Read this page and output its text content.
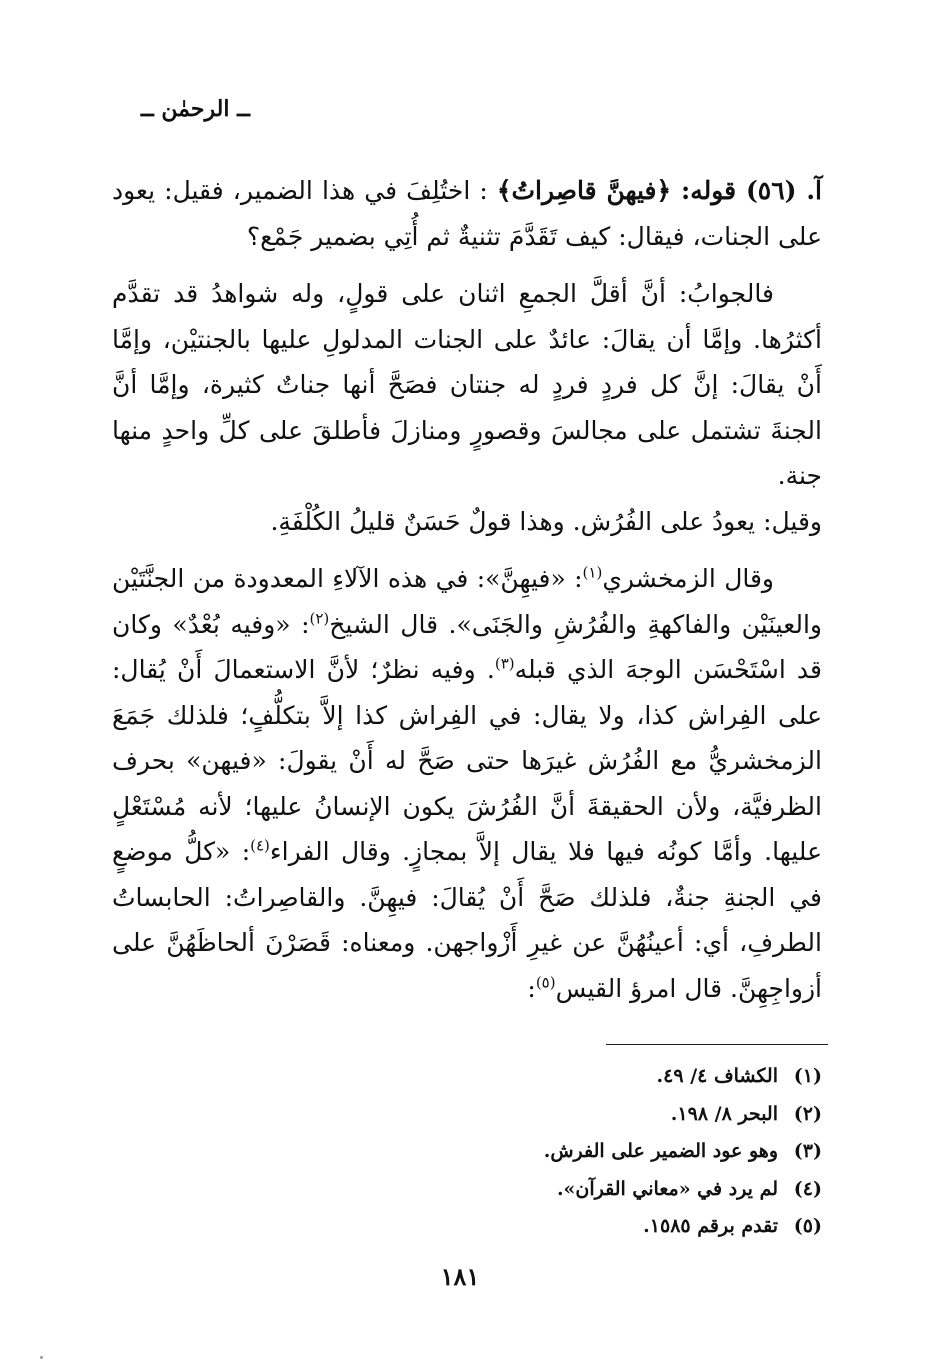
ــ الرحمٰن ــ

آ. (٥٦) قوله: ﴿فيهنَّ قاصِراتُ﴾ : اختُلِفَ في هذا الضمير، فقيل: يعود على الجنات، فيقال: كيف تَقَدَّمَ تثنيةٌ ثم أُتِي بضمير جَمْع؟

فالجوابُ: أنَّ أقلَّ الجمعِ اثنان على قولٍ، وله شواهدُ قد تقدَّم أكثرُها. وإمَّا أن يقالَ: عائدٌ على الجنات المدلولِ عليها بالجنتيْن، وإمَّا أَنْ يقالَ: إنَّ كل فردٍ فردٍ له جنتان فصَحَّ أنها جناتٌ كثيرة، وإمَّا أنَّ الجنةَ تشتمل على مجالسَ وقصورٍ ومنازلَ فأطلقَ على كلِّ واحدٍ منها جنة.

وقيل: يعودُ على الفُرُش. وهذا قولٌ حَسَنٌ قليلُ الكُلْفَةِ.

وقال الزمخشري$^{(١)}$: «فيهِنَّ»: في هذه الآلاءِ المعدودة من الجنَّتَيْن والعينَيْن والفاكهةِ والفُرُشِ والجَنَى». قال الشيخ$^{(٢)}$: «وفيه بُعْدٌ» وكان قد اسْتَحْسَن الوجهَ الذي قبله$^{(٣)}$. وفيه نظرٌ؛ لأنَّ الاستعمالَ أَنْ يُقال: على الفِراش كذا، ولا يقال: في الفِراش كذا إلاَّ بتكلُّفٍ؛ فلذلك جَمَعَ الزمخشريُّ مع الفُرُش غيرَها حتى صَحَّ له أَنْ يقولَ: «فيهن» بحرف الظرفيَّة، ولأن الحقيقةَ أنَّ الفُرُشَ يكون الإنسانُ عليها؛ لأنه مُسْتَعْلٍ عليها. وأمَّا كونُه فيها فلا يقال إلاَّ بمجازٍ. وقال الفراء$^{(٤)}$: «كلُّ موضعٍ في الجنةِ جنةٌ، فلذلك صَحَّ أَنْ يُقالَ: فيهِنَّ. والقاصِراتُ: الحابساتُ الطرفِ، أي: أعينُهُنَّ عن غيرِ أَزْواجهن. ومعناه: قَصَرْنَ ألحاظَهُنَّ على أزواجِهِنَّ. قال امرؤ القيس$^{(٥)}$:

(١)
الكشاف ٤/ ٤٩.
(٢)
البحر ٨/ ١٩٨.
(٣)
وهو عود الضمير على الفرش.
(٤)
لم يرد في «معاني القرآن».
(٥)
تقدم برقم ١٥٨٥.
١٨١
